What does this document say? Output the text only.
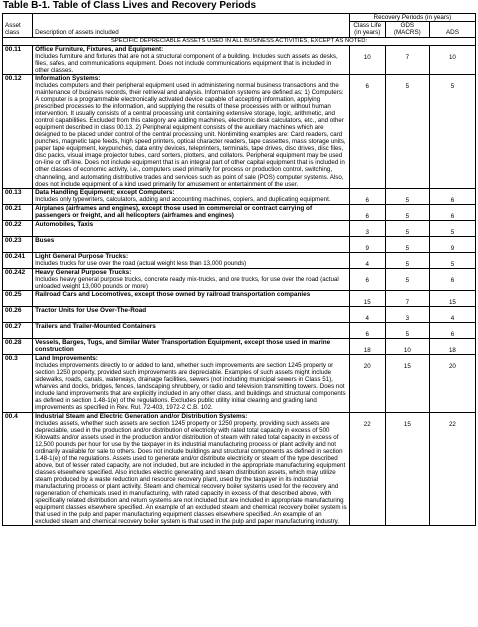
Table B-1. Table of Class Lives and Recovery Periods
Asset class	Description of assets included	Recovery Periods (in years)		
		Class Life (in years)	GDS (MACRS)	ADS
SPECIFIC DEPRECIABLE ASSETS USED IN ALL BUSINESS ACTIVITIES, EXCEPT AS NOTED:				
00.11	Office Furniture, Fixtures, and Equipment:

Includes furniture and fixtures that are not a structural component of a building. Includes such assets as desks, files, safes, and communications equipment. Does not include communications equipment that is included in other classes.	10	7	10
00.12	Information Systems:

Includes computers and their peripheral equipment used in administering normal business transactions and the maintenance of business records, their retrieval and analysis. Information systems are defined as: 1) Computers: A computer is a programmable electronically activated device capable of accepting information, applying prescribed processes to the information, and supplying the results of these processes with or without human intervention. It usually consists of a central processing unit containing extensive storage, logic, arithmetic, and control capabilities. Excluded from this category are adding machines, electronic desk calculators, etc., and other equipment described in class 00.13. 2) Peripheral equipment consists of the auxiliary machines which are designed to be placed under control of the central processing unit. Nonlimiting examples are: Card readers, card punches, magnetic tape feeds, high speed printers, optical character readers, tape cassettes, mass storage units, paper tape equipment, keypunches, data entry devices, teleprinters, terminals, tape drives, disc drives, disc files, disc packs, visual image projector tubes, card sorters, plotters, and collators. Peripheral equipment may be used on-line or off-line. Does not include equipment that is an integral part of other capital equipment that is included in other classes of economic activity, i.e., computers used primarily for process or production control, switching, channeling, and automating distributive trades and services such as point of sale (POS) computer systems. Also, does not include equipment of a kind used primarily for amusement or entertainment of the user.	6	5	5
00.13	Data Handling Equipment; except Computers:

Includes only typewriters, calculators, adding and accounting machines, copiers, and duplicating equipment.	6	5	6
00.21	Airplanes (airframes and engines), except those used in commercial or contract carrying of passengers or freight, and all helicopters (airframes and engines)	6	5	6
00.22	Automobiles, Taxis	3	5	5
00.23	Buses	9	5	9
00.241	Light General Purpose Trucks:

Includes trucks for use over the road (actual weight less than 13,000 pounds)	4	5	5
00.242	Heavy General Purpose Trucks:

Includes heavy general purpose trucks, concrete ready mix-trucks, and ore trucks, for use over the road (actual unloaded weight 13,000 pounds or more)	6	5	6
00.25	Railroad Cars and Locomotives, except those owned by railroad transportation companies	15	7	15
00.26	Tractor Units for Use Over-The-Road	4	3	4
00.27	Trailers and Trailer-Mounted Containers	6	5	6
00.28	Vessels, Barges, Tugs, and Similar Water Transportation Equipment, except those used in marine construction	18	10	18
00.3	Land Improvements:

Includes improvements directly to or added to land, whether such improvements are section 1245 property or section 1250 property, provided such improvements are depreciable. Examples of such assets might include sidewalks, roads, canals, waterways, drainage facilities, sewers (not including municipal sewers in Class 51), wharves and docks, bridges, fences, landscaping shrubbery, or radio and television transmitting towers. Does not include land improvements that are explicitly included in any other class, and buildings and structural components as defined in section 1.48-1(e) of the regulations. Excludes public utility initial clearing and grading land improvements as specified in Rev. Rul. 72-403, 1972-2 C.B. 102.	20	15	20
00.4	Industrial Steam and Electric Generation and/or Distribution Systems:

Includes assets, whether such assets are section 1245 property or 1250 property, providing such assets are depreciable, used in the production and/or distribution of electricity with rated total capacity in excess of 500 Kilowatts and/or assets used in the production and/or distribution of steam with rated total capacity in excess of 12,500 pounds per hour for use by the taxpayer in its industrial manufacturing process or plant activity and not ordinarily available for sale to others. Does not include buildings and structural components as defined in section 1.48-1(e) of the regulations. Assets used to generate and/or distribute electricity or steam of the type described above, but of lesser rated capacity, are not included, but are included in the appropriate manufacturing equipment classes elsewhere specified. Also includes electric generating and steam distribution assets, which may utilize steam produced by a waste reduction and resource recovery plant, used by the taxpayer in its industrial manufacturing process or plant activity. Steam and chemical recovery boiler systems used for the recovery and regeneration of chemicals used in manufacturing, with rated capacity in excess of that described above, with specifically related distribution and return systems are not included but are included in appropriate manufacturing equipment classes elsewhere specified. An example of an excluded steam and chemical recovery boiler system is that used in the pulp and paper manufacturing equipment classes elsewhere specified. An example of an excluded steam and chemical recovery boiler system is that used in the pulp and paper manufacturing industry.	22	15	22
